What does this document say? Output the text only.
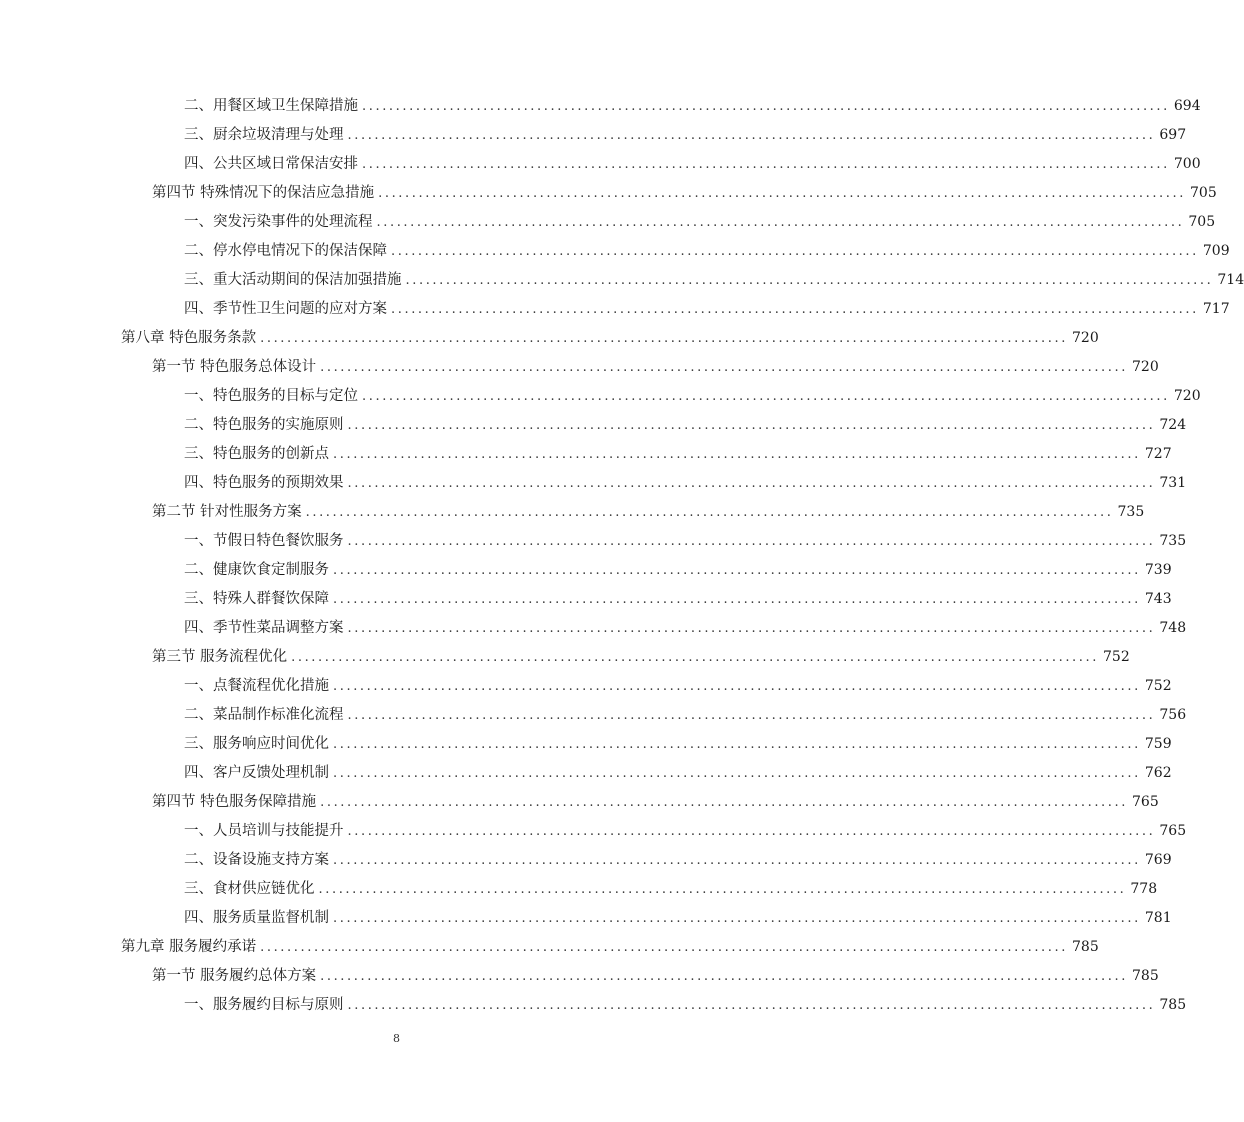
二、用餐区域卫生保障措施 ........................................................................................................................ 694
三、厨余垃圾清理与处理 ........................................................................................................................ 697
四、公共区域日常保洁安排 ........................................................................................................................ 700
第四节 特殊情况下的保洁应急措施 ........................................................................................................................ 705
一、突发污染事件的处理流程 ........................................................................................................................ 705
二、停水停电情况下的保洁保障 ........................................................................................................................ 709
三、重大活动期间的保洁加强措施 ........................................................................................................................ 714
四、季节性卫生问题的应对方案 ........................................................................................................................ 717
第八章 特色服务条款 ........................................................................................................................ 720
第一节 特色服务总体设计 ........................................................................................................................ 720
一、特色服务的目标与定位 ........................................................................................................................ 720
二、特色服务的实施原则 ........................................................................................................................ 724
三、特色服务的创新点 ........................................................................................................................ 727
四、特色服务的预期效果 ........................................................................................................................ 731
第二节 针对性服务方案 ........................................................................................................................ 735
一、节假日特色餐饮服务 ........................................................................................................................ 735
二、健康饮食定制服务 ........................................................................................................................ 739
三、特殊人群餐饮保障 ........................................................................................................................ 743
四、季节性菜品调整方案 ........................................................................................................................ 748
第三节 服务流程优化 ........................................................................................................................ 752
一、点餐流程优化措施 ........................................................................................................................ 752
二、菜品制作标准化流程 ........................................................................................................................ 756
三、服务响应时间优化 ........................................................................................................................ 759
四、客户反馈处理机制 ........................................................................................................................ 762
第四节 特色服务保障措施 ........................................................................................................................ 765
一、人员培训与技能提升 ........................................................................................................................ 765
二、设备设施支持方案 ........................................................................................................................ 769
三、食材供应链优化 ........................................................................................................................ 778
四、服务质量监督机制 ........................................................................................................................ 781
第九章 服务履约承诺 ........................................................................................................................ 785
第一节 服务履约总体方案 ........................................................................................................................ 785
一、服务履约目标与原则 ........................................................................................................................ 785
8
